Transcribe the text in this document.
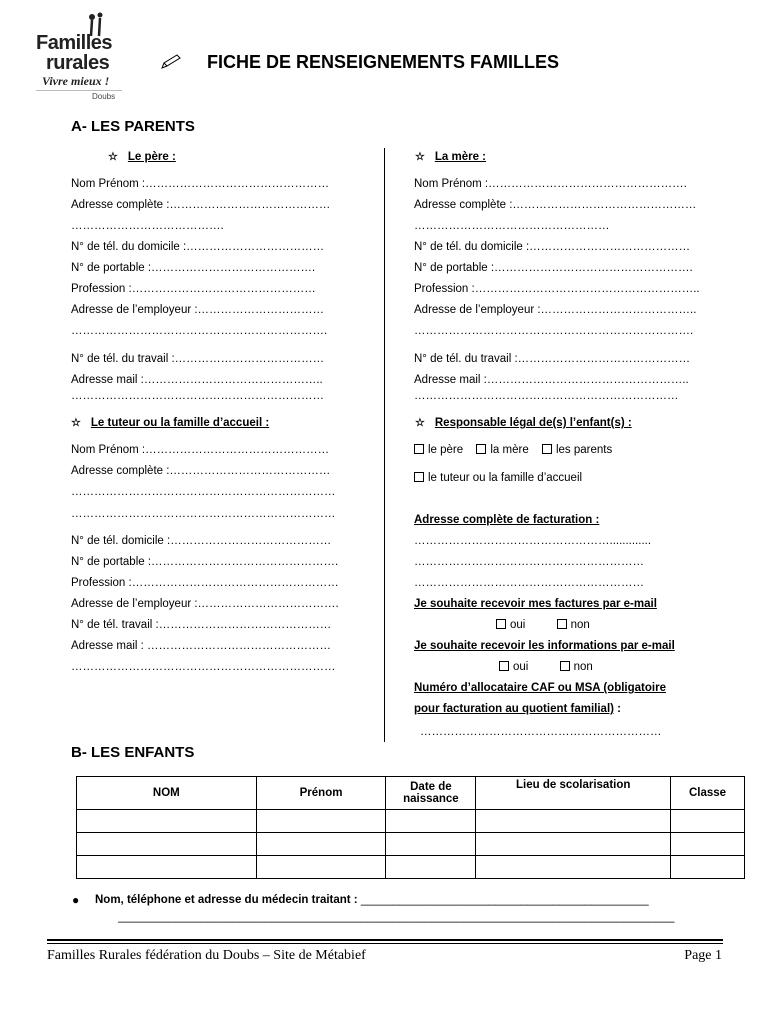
Familles
rurales
Vivre mieux !
Doubs
FICHE DE RENSEIGNEMENTS FAMILLES
A- LES PARENTS
☆ Le père :
Nom Prénom :…………………………………………
Adresse complète :……………………………………
………………………………….
N° de tél. du domicile :………………………………
N° de portable :…………………………………….
Profession :…………………………………………
Adresse de l’employeur :……………………………
………………………………………………………….
N° de tél. du travail :…………………………………
Adresse mail :………………………………………..
…………………………………………………………
☆ La mère :
Nom Prénom :…………………………………………….
Adresse complète :…………………………………………
……………………………………………
N° de tél. du domicile :……………………………………
N° de portable :…………………………………………….
Profession :…………………………………………………..
Adresse de l’employeur :…………………………………..
……………………………………………………………….
N° de tél. du travail :………………………………………
Adresse mail :……………………………………………..
……………………………………………………………
☆ Le tuteur ou la famille d’accueil :
Nom Prénom :…………………………………………
Adresse complète :……………………………………
……………………………………………………………
……………………………………………………………
N° de tél. domicile :……………………………………
N° de portable :………………………………………….
Profession :………………………………………………
Adresse de l’employeur :……………………………….
N° de tél. travail :………………………………………
Adresse mail : …………………………………………
……………………………………………………………
☆ Responsable légal de(s) l’enfant(s) :
le père la mère les parents
le tuteur ou la famille d’accueil
Adresse complète de facturation :
…………………………………………….............
……………………………………………………
……………………………………………………
Je souhaite recevoir mes factures par e-mail
oui	non
Je souhaite recevoir les informations par e-mail
oui	non
Numéro d’allocataire CAF ou MSA (obligatoire
pour facturation au quotient familial) :
………………………………………………………
B- LES ENFANTS
NOM	Prénom	Date de naissance	Lieu de scolarisation	Classe

● Nom, téléphone et adresse du médecin traitant : _____________________________________________
_______________________________________________________________________________________
Familles Rurales fédération du Doubs – Site de Métabief	Page 1
